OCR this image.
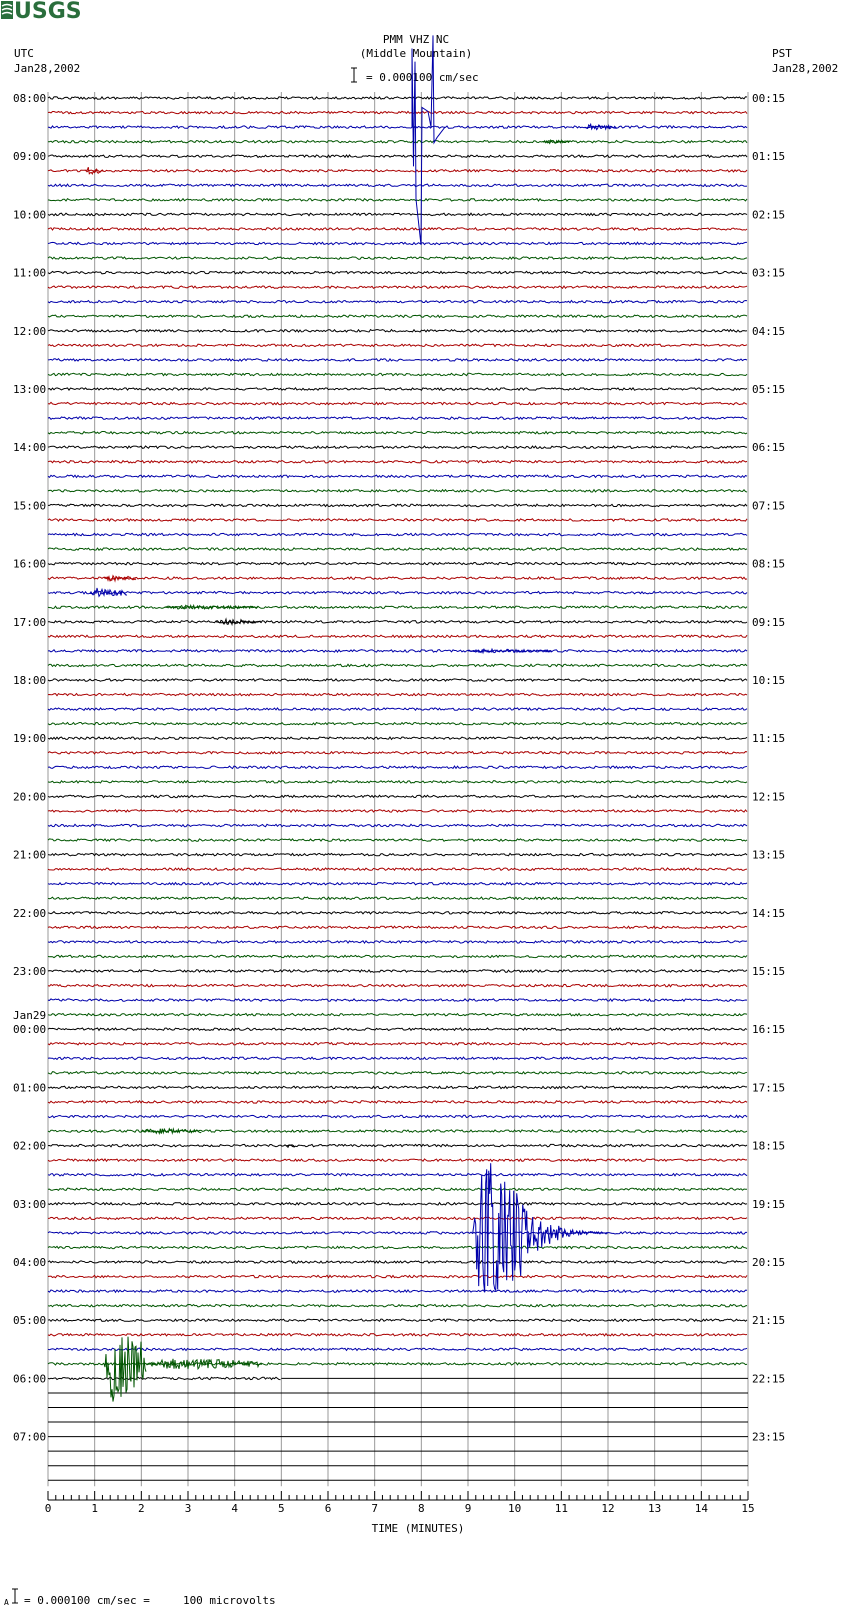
USGS
PMM VHZ NC
(Middle Mountain)
= 0.000100 cm/sec
UTC
Jan28,2002
PST
Jan28,2002
08:00
09:00
10:00
11:00
12:00
13:00
14:00
15:00
16:00
17:00
18:00
19:00
20:00
21:00
22:00
23:00
00:00
Jan29
01:00
02:00
03:00
04:00
05:00
06:00
07:00
00:15
01:15
02:15
03:15
04:15
05:15
06:15
07:15
08:15
09:15
10:15
11:15
12:15
13:15
14:15
15:15
16:15
17:15
18:15
19:15
20:15
21:15
22:15
23:15
0	1	2	3	4	5	6	7	8	9	10	11	12	13	14	15
TIME (MINUTES)
A = 0.000100 cm/sec =     100 microvolts
